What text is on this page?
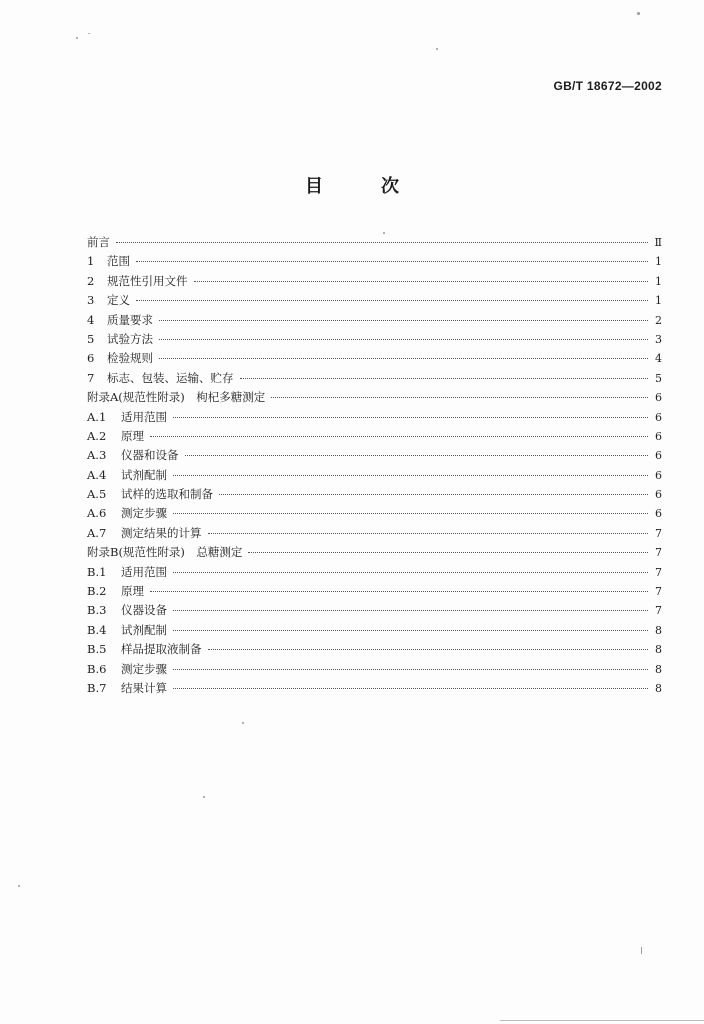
GB/T 18672—2002
目次
前言	Ⅱ
1 范围	1
2 规范性引用文件	1
3 定义	1
4 质量要求	2
5 试验方法	3
6 检验规则	4
7 标志、包装、运输、贮存	5
附录A(规范性附录)　枸杞多糖测定	6
A.1 适用范围	6
A.2 原理	6
A.3 仪器和设备	6
A.4 试剂配制	6
A.5 试样的选取和制备	6
A.6 测定步骤	6
A.7 测定结果的计算	7
附录B(规范性附录)　总糖测定	7
B.1 适用范围	7
B.2 原理	7
B.3 仪器设备	7
B.4 试剂配制	8
B.5 样品提取液制备	8
B.6 测定步骤	8
B.7 结果计算	8
